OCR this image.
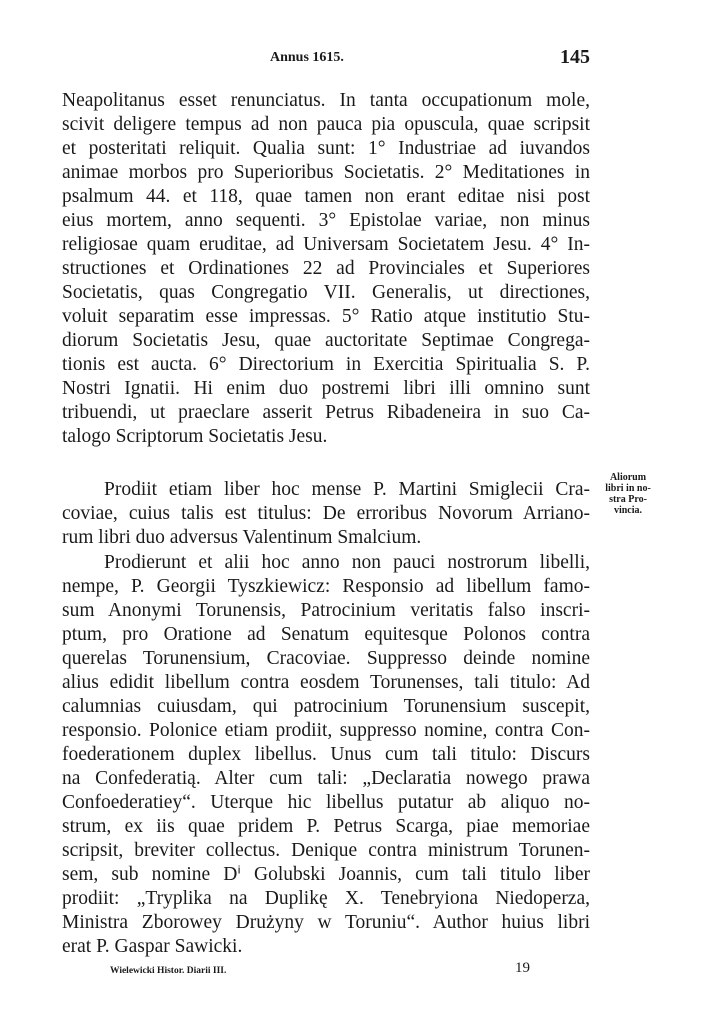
Annus 1615.	145
Neapolitanus esset renunciatus. In tanta occupationum mole,
scivit deligere tempus ad non pauca pia opuscula, quae scripsit
et posteritati reliquit. Qualia sunt: 1° Industriae ad iuvandos
animae morbos pro Superioribus Societatis. 2° Meditationes in
psalmum 44. et 118, quae tamen non erant editae nisi post
eius mortem, anno sequenti. 3° Epistolae variae, non minus
religiosae quam eruditae, ad Universam Societatem Jesu. 4° In-
structiones et Ordinationes 22 ad Provinciales et Superiores
Societatis, quas Congregatio VII. Generalis, ut directiones,
voluit separatim esse impressas. 5° Ratio atque institutio Stu-
diorum Societatis Jesu, quae auctoritate Septimae Congrega-
tionis est aucta. 6° Directorium in Exercitia Spiritualia S. P.
Nostri Ignatii. Hi enim duo postremi libri illi omnino sunt
tribuendi, ut praeclare asserit Petrus Ribadeneira in suo Ca-
talogo Scriptorum Societatis Jesu.
Prodiit etiam liber hoc mense P. Martini Smiglecii Cra-
coviae, cuius talis est titulus: De erroribus Novorum Arriano-
rum libri duo adversus Valentinum Smalcium.
Aliorum
libri in no-
stra Pro-
vincia.
Prodierunt et alii hoc anno non pauci nostrorum libelli,
nempe, P. Georgii Tyszkiewicz: Responsio ad libellum famo-
sum Anonymi Torunensis, Patrocinium veritatis falso inscri-
ptum, pro Oratione ad Senatum equitesque Polonos contra
querelas Torunensium, Cracoviae. Suppresso deinde nomine
alius edidit libellum contra eosdem Torunenses, tali titulo: Ad
calumnias cuiusdam, qui patrocinium Torunensium suscepit,
responsio. Polonice etiam prodiit, suppresso nomine, contra Con-
foederationem duplex libellus. Unus cum tali titulo: Discurs
na Confederatią. Alter cum tali: „Declaratia nowego prawa
Confoederatiey“. Uterque hic libellus putatur ab aliquo no-
strum, ex iis quae pridem P. Petrus Scarga, piae memoriae
scripsit, breviter collectus. Denique contra ministrum Torunen-
sem, sub nomine Dⁱ Golubski Joannis, cum tali titulo liber
prodiit: „Tryplika na Duplikę X. Tenebryiona Niedoperza,
Ministra Zborowey Drużyny w Toruniu“. Author huius libri
erat P. Gaspar Sawicki.
Wielewicki Histor. Diarii III.	19
